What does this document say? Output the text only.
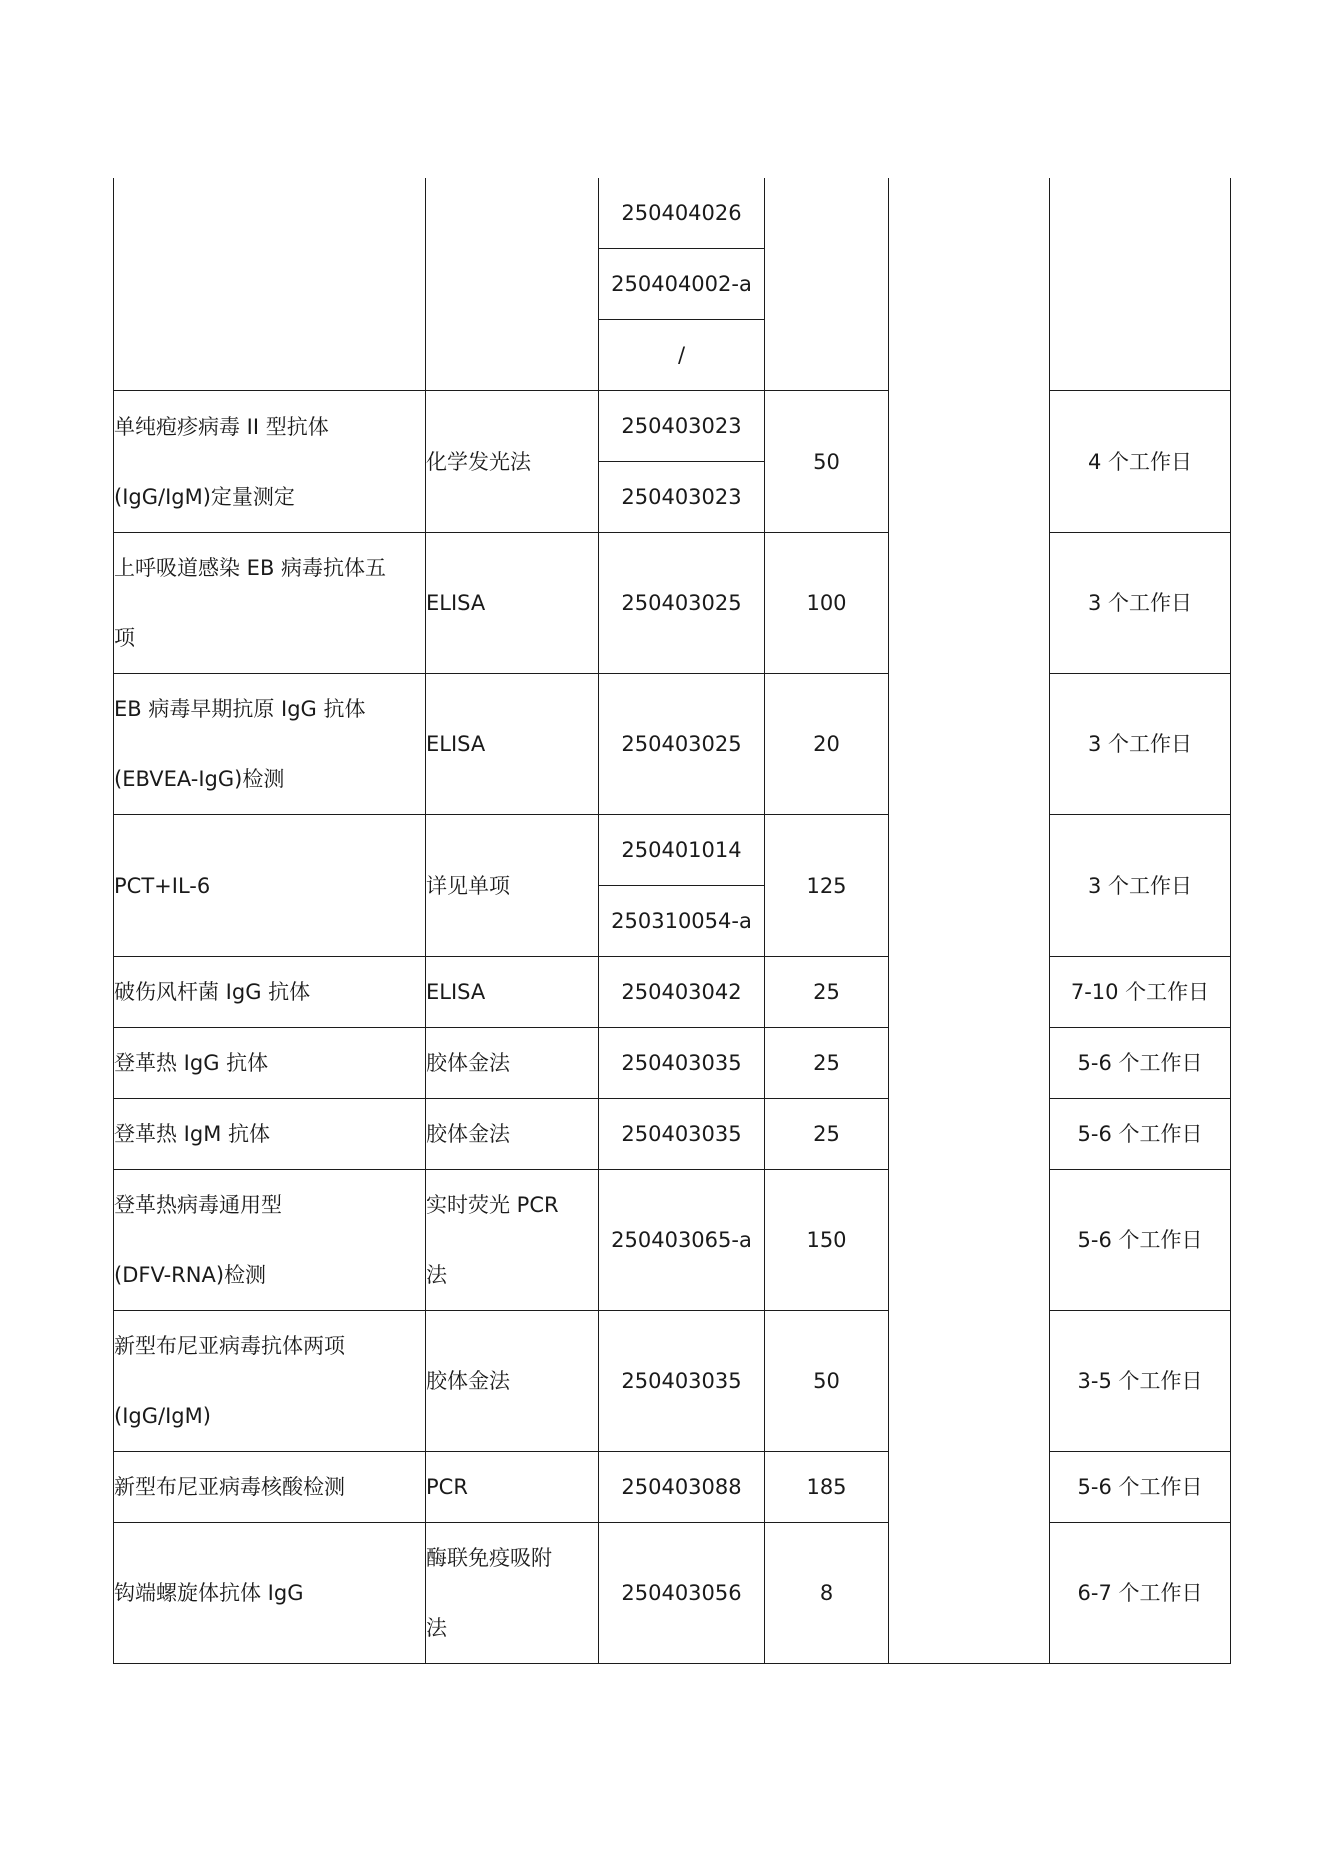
		250404026			
		250404002-a			
		/			

单纯疱疹病毒 II 型抗体
(IgG/IgM)定量测定	化学发光法	250403023	50		4 个工作日
		250403023			

上呼吸道感染 EB 病毒抗体五
项	ELISA	250403025	100		3 个工作日

EB 病毒早期抗原 IgG 抗体
(EBVEA-IgG)检测	ELISA	250403025	20		3 个工作日

PCT+IL-6	详见单项	250401014	125		3 个工作日
		250310054-a			

破伤风杆菌 IgG 抗体	ELISA	250403042	25		7-10 个工作日

登革热 IgG 抗体	胶体金法	250403035	25		5-6 个工作日

登革热 IgM 抗体	胶体金法	250403035	25		5-6 个工作日

登革热病毒通用型
(DFV-RNA)检测	实时荧光 PCR
法	250403065-a	150		5-6 个工作日

新型布尼亚病毒抗体两项
(IgG/IgM)	胶体金法	250403035	50		3-5 个工作日

新型布尼亚病毒核酸检测	PCR	250403088	185		5-6 个工作日

钩端螺旋体抗体 IgG	酶联免疫吸附
法	250403056	8		6-7 个工作日
